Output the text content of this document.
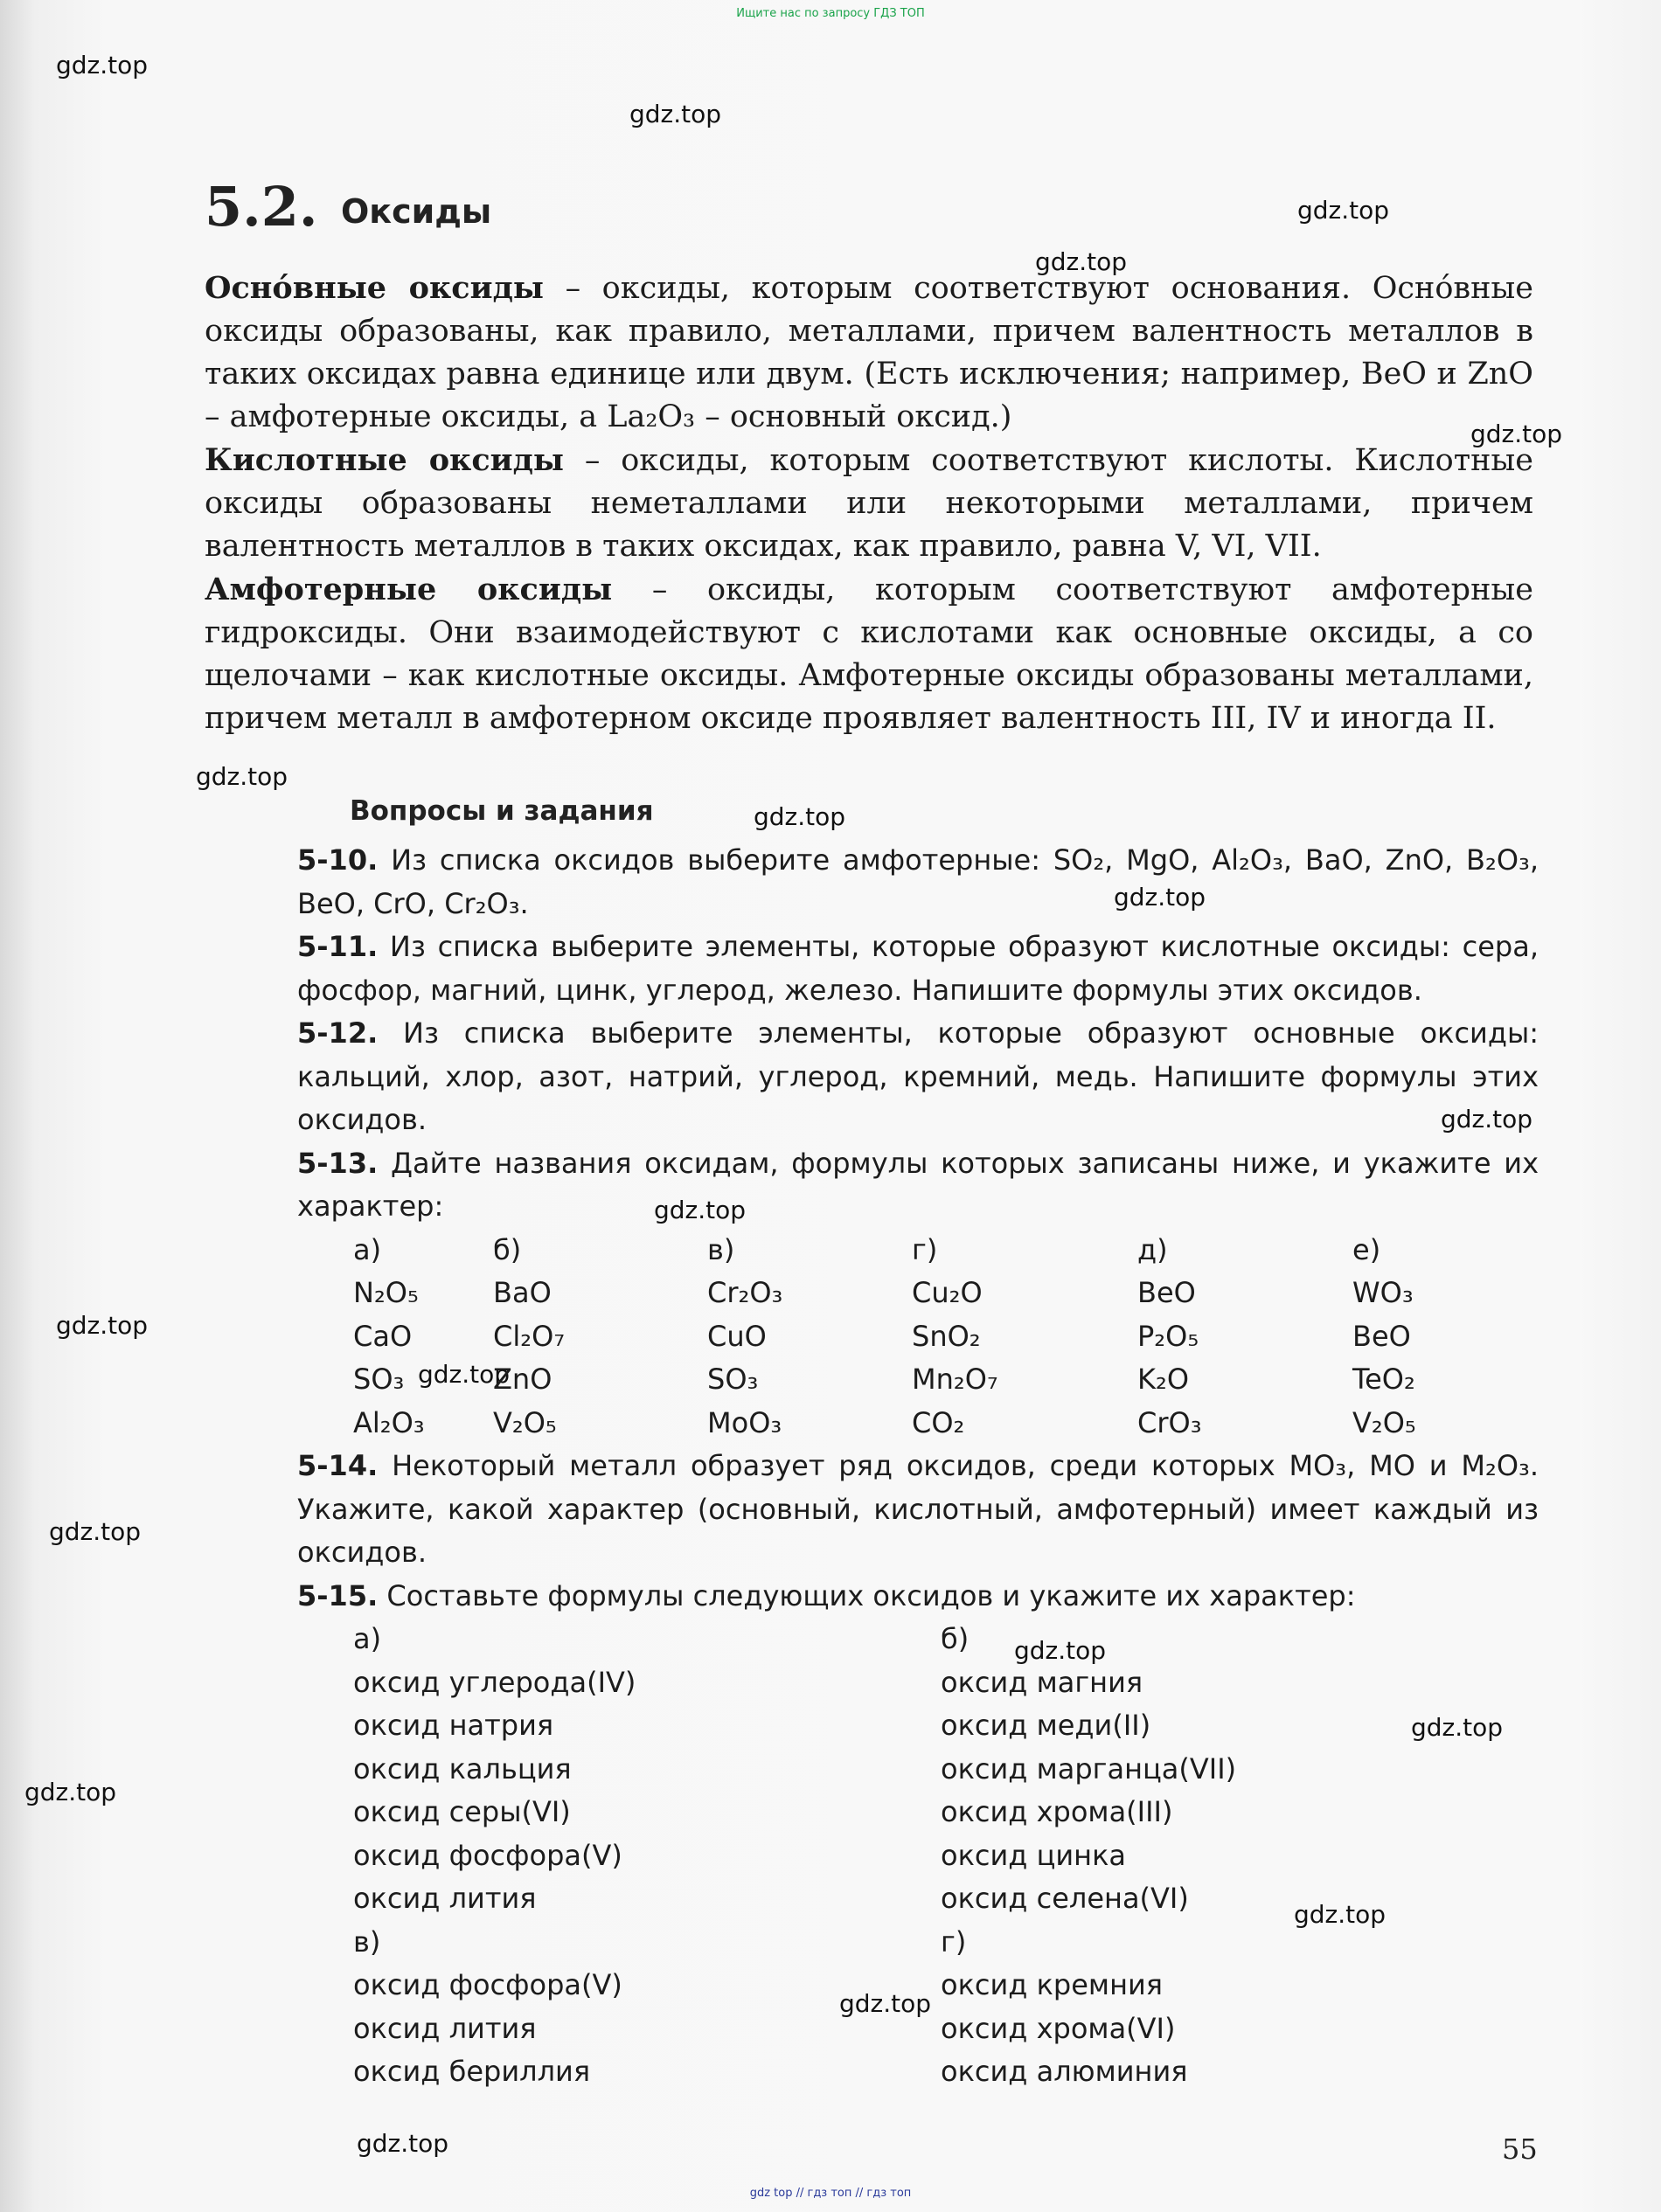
Ищите нас по запросу ГДЗ ТОП
gdz.top
gdz.top
gdz.top
gdz.top
gdz.top
gdz.top
gdz.top
gdz.top
gdz.top
gdz.top
gdz.top
gdz.top
gdz.top
gdz.top
gdz.top
gdz.top
gdz.top
gdz.top
gdz.top
5.2. Оксиды

Осно́вные оксиды – оксиды, которым соответствуют основания. Осно́вные оксиды образованы, как правило, металлами, причем валентность металлов в таких оксидах равна единице или двум. (Есть исключения; например, BeO и ZnO – амфотерные оксиды, а La₂O₃ – основный оксид.)

Кислотные оксиды – оксиды, которым соответствуют кислоты. Кислотные оксиды образованы неметаллами или некоторыми металлами, причем валентность металлов в таких оксидах, как правило, равна V, VI, VII.

Амфотерные оксиды – оксиды, которым соответствуют амфотерные гидроксиды. Они взаимодействуют с кислотами как основные оксиды, а со щелочами – как кислотные оксиды. Амфотерные оксиды образованы металлами, причем металл в амфотерном оксиде проявляет валентность III, IV и иногда II.

Вопросы и задания

5-10. Из списка оксидов выберите амфотерные: SO₂, MgO, Al₂O₃, BaO, ZnO, B₂O₃, BeO, CrO, Cr₂O₃.

5-11. Из списка выберите элементы, которые образуют кислотные оксиды: сера, фосфор, магний, цинк, углерод, железо. Напишите формулы этих оксидов.

5-12. Из списка выберите элементы, которые образуют основные оксиды: кальций, хлор, азот, натрий, углерод, кремний, медь. Напишите формулы этих оксидов.

5-13. Дайте названия оксидам, формулы которых записаны ниже, и укажите их характер:

а)	б)	в)	г)	д)	е)
N₂O₅	BaO	Cr₂O₃	Cu₂O	BeO	WO₃
CaO	Cl₂O₇	CuO	SnO₂	P₂O₅	BeO
SO₃	ZnO	SO₃	Mn₂O₇	K₂O	TeO₂
Al₂O₃	V₂O₅	MoO₃	CO₂	CrO₃	V₂O₅

5-14. Некоторый металл образует ряд оксидов, среди которых MO₃, MO и M₂O₃. Укажите, какой характер (основный, кислотный, амфотерный) имеет каждый из оксидов.

5-15. Составьте формулы следующих оксидов и укажите их характер:

а)	б)
оксид углерода(IV)	оксид магния
оксид натрия	оксид меди(II)
оксид кальция	оксид марганца(VII)
оксид серы(VI)	оксид хрома(III)
оксид фосфора(V)	оксид цинка
оксид лития	оксид селена(VI)
в)	г)
оксид фосфора(V)	оксид кремния
оксид лития	оксид хрома(VI)
оксид бериллия	оксид алюминия
55
gdz top // гдз топ // гдз топ
